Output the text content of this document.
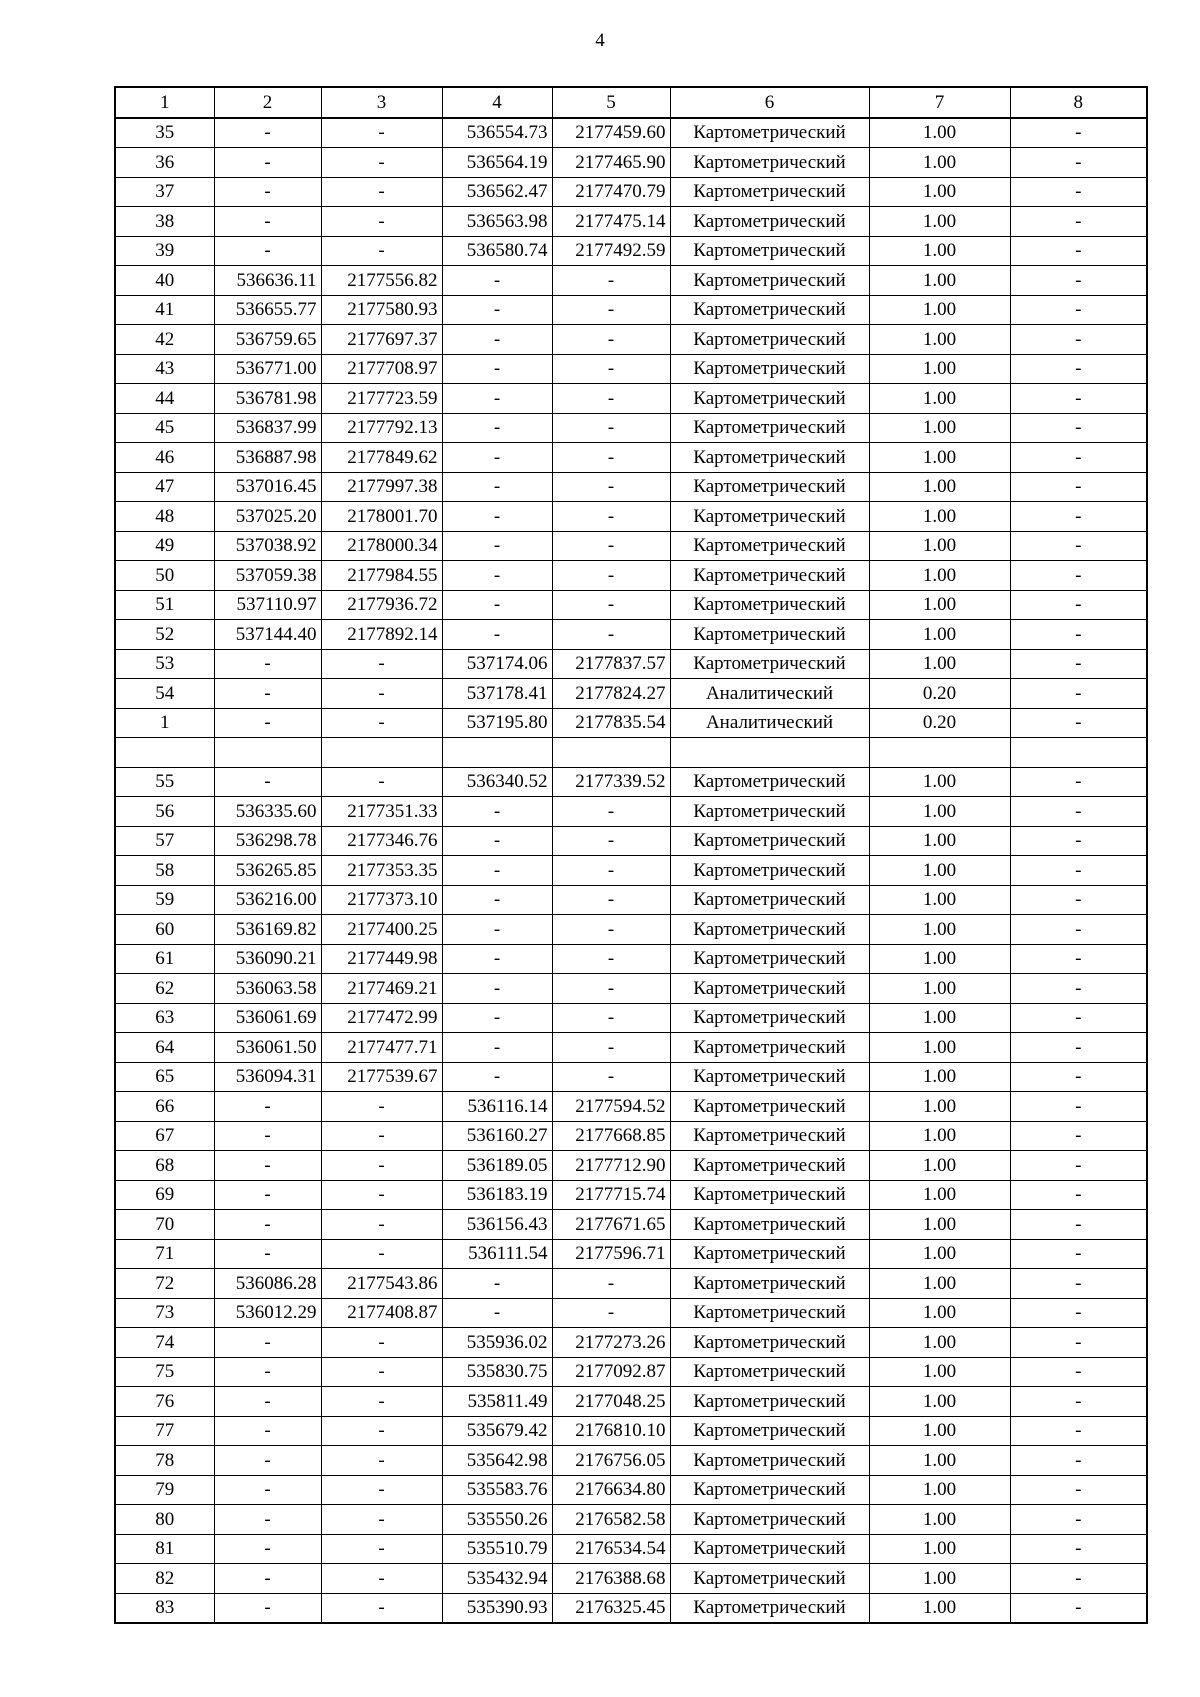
4
1	2	3	4	5	6	7	8
35	-	-	536554.73	2177459.60	Картометрический	1.00	-
36	-	-	536564.19	2177465.90	Картометрический	1.00	-
37	-	-	536562.47	2177470.79	Картометрический	1.00	-
38	-	-	536563.98	2177475.14	Картометрический	1.00	-
39	-	-	536580.74	2177492.59	Картометрический	1.00	-
40	536636.11	2177556.82	-	-	Картометрический	1.00	-
41	536655.77	2177580.93	-	-	Картометрический	1.00	-
42	536759.65	2177697.37	-	-	Картометрический	1.00	-
43	536771.00	2177708.97	-	-	Картометрический	1.00	-
44	536781.98	2177723.59	-	-	Картометрический	1.00	-
45	536837.99	2177792.13	-	-	Картометрический	1.00	-
46	536887.98	2177849.62	-	-	Картометрический	1.00	-
47	537016.45	2177997.38	-	-	Картометрический	1.00	-
48	537025.20	2178001.70	-	-	Картометрический	1.00	-
49	537038.92	2178000.34	-	-	Картометрический	1.00	-
50	537059.38	2177984.55	-	-	Картометрический	1.00	-
51	537110.97	2177936.72	-	-	Картометрический	1.00	-
52	537144.40	2177892.14	-	-	Картометрический	1.00	-
53	-	-	537174.06	2177837.57	Картометрический	1.00	-
54	-	-	537178.41	2177824.27	Аналитический	0.20	-
1	-	-	537195.80	2177835.54	Аналитический	0.20	-

55	-	-	536340.52	2177339.52	Картометрический	1.00	-
56	536335.60	2177351.33	-	-	Картометрический	1.00	-
57	536298.78	2177346.76	-	-	Картометрический	1.00	-
58	536265.85	2177353.35	-	-	Картометрический	1.00	-
59	536216.00	2177373.10	-	-	Картометрический	1.00	-
60	536169.82	2177400.25	-	-	Картометрический	1.00	-
61	536090.21	2177449.98	-	-	Картометрический	1.00	-
62	536063.58	2177469.21	-	-	Картометрический	1.00	-
63	536061.69	2177472.99	-	-	Картометрический	1.00	-
64	536061.50	2177477.71	-	-	Картометрический	1.00	-
65	536094.31	2177539.67	-	-	Картометрический	1.00	-
66	-	-	536116.14	2177594.52	Картометрический	1.00	-
67	-	-	536160.27	2177668.85	Картометрический	1.00	-
68	-	-	536189.05	2177712.90	Картометрический	1.00	-
69	-	-	536183.19	2177715.74	Картометрический	1.00	-
70	-	-	536156.43	2177671.65	Картометрический	1.00	-
71	-	-	536111.54	2177596.71	Картометрический	1.00	-
72	536086.28	2177543.86	-	-	Картометрический	1.00	-
73	536012.29	2177408.87	-	-	Картометрический	1.00	-
74	-	-	535936.02	2177273.26	Картометрический	1.00	-
75	-	-	535830.75	2177092.87	Картометрический	1.00	-
76	-	-	535811.49	2177048.25	Картометрический	1.00	-
77	-	-	535679.42	2176810.10	Картометрический	1.00	-
78	-	-	535642.98	2176756.05	Картометрический	1.00	-
79	-	-	535583.76	2176634.80	Картометрический	1.00	-
80	-	-	535550.26	2176582.58	Картометрический	1.00	-
81	-	-	535510.79	2176534.54	Картометрический	1.00	-
82	-	-	535432.94	2176388.68	Картометрический	1.00	-
83	-	-	535390.93	2176325.45	Картометрический	1.00	-
